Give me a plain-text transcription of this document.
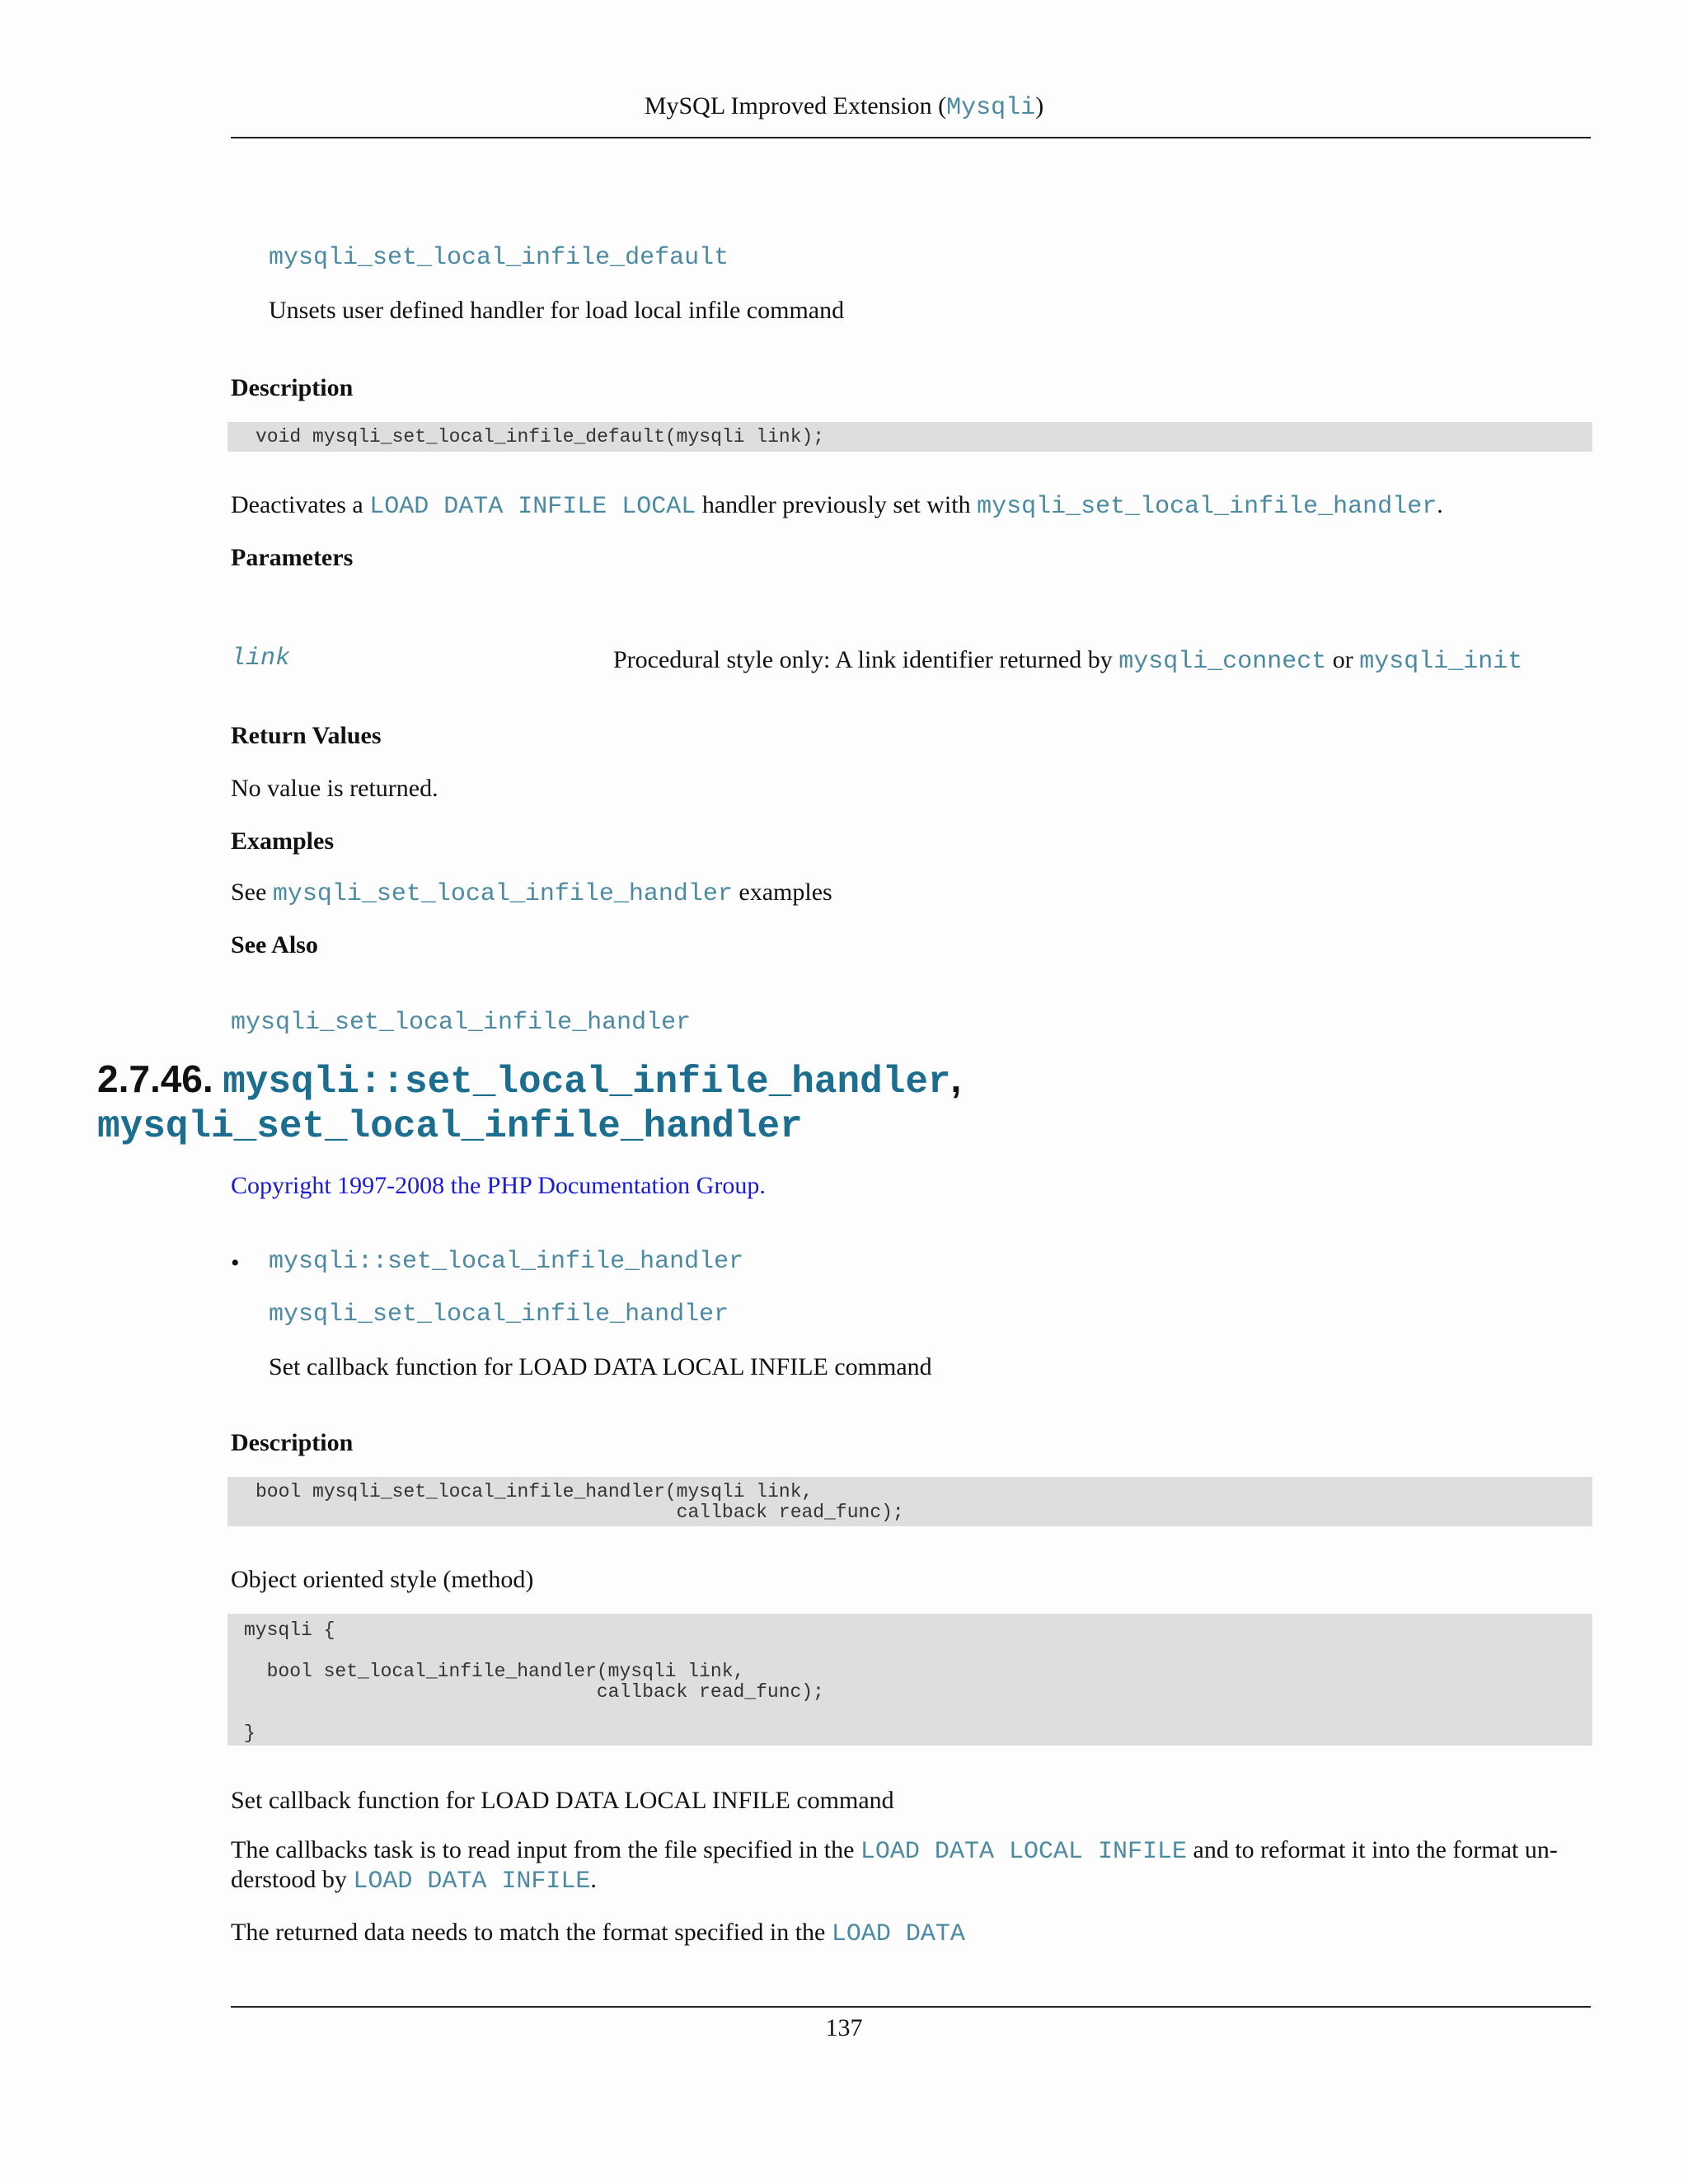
MySQL Improved Extension (Mysqli)
mysqli_set_local_infile_default
Unsets user defined handler for load local infile command
Description
void mysqli_set_local_infile_default(mysqli link);
Deactivates a LOAD DATA INFILE LOCAL handler previously set with mysqli_set_local_infile_handler.
Parameters
link	Procedural style only: A link identifier returned by mysqli_connect or mysqli_init
Return Values
No value is returned.
Examples
See mysqli_set_local_infile_handler examples
See Also
mysqli_set_local_infile_handler
2.7.46. mysqli::set_local_infile_handler,
mysqli_set_local_infile_handler
Copyright 1997-2008 the PHP Documentation Group.
• mysqli::set_local_infile_handler
mysqli_set_local_infile_handler
Set callback function for LOAD DATA LOCAL INFILE command
Description
bool mysqli_set_local_infile_handler(mysqli link,
callback read_func);
Object oriented style (method)
mysqli {

bool set_local_infile_handler(mysqli link,
callback read_func);

}
Set callback function for LOAD DATA LOCAL INFILE command
The callbacks task is to read input from the file specified in the LOAD DATA LOCAL INFILE and to reformat it into the format un-
derstood by LOAD DATA INFILE.
The returned data needs to match the format specified in the LOAD DATA
137
